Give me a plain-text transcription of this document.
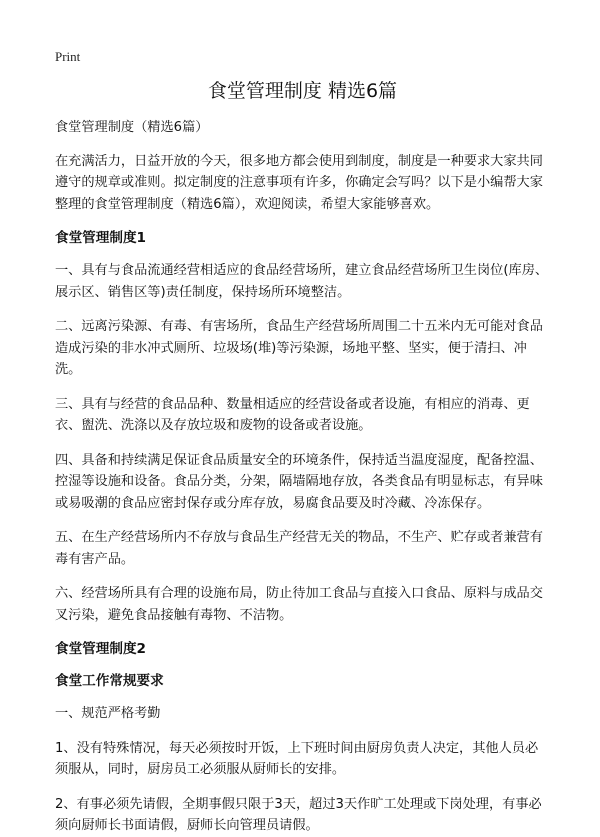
Print
食堂管理制度 精选6篇

食堂管理制度（精选6篇）

在充满活力，日益开放的今天，很多地方都会使用到制度，制度是一种要求大家共同遵守的规章或准则。拟定制度的注意事项有许多，你确定会写吗？以下是小编帮大家整理的食堂管理制度（精选6篇），欢迎阅读，希望大家能够喜欢。

食堂管理制度1

一、具有与食品流通经营相适应的食品经营场所，建立食品经营场所卫生岗位(库房、展示区、销售区等)责任制度，保持场所环境整洁。

二、远离污染源、有毒、有害场所，食品生产经营场所周围二十五米内无可能对食品造成污染的非水冲式厕所、垃圾场(堆)等污染源，场地平整、坚实，便于清扫、冲洗。

三、具有与经营的食品品种、数量相适应的经营设备或者设施，有相应的消毒、更衣、盥洗、洗涤以及存放垃圾和废物的设备或者设施。

四、具备和持续满足保证食品质量安全的环境条件，保持适当温度湿度，配备控温、控湿等设施和设备。食品分类，分架，隔墙隔地存放，各类食品有明显标志，有异味或易吸潮的食品应密封保存或分库存放，易腐食品要及时冷藏、冷冻保存。

五、在生产经营场所内不存放与食品生产经营无关的物品，不生产、贮存或者兼营有毒有害产品。

六、经营场所具有合理的设施布局，防止待加工食品与直接入口食品、原料与成品交叉污染，避免食品接触有毒物、不洁物。

食堂管理制度2
食堂工作常规要求

一、规范严格考勤

1、没有特殊情况，每天必须按时开饭，上下班时间由厨房负责人决定，其他人员必须服从，同时，厨房员工必须服从厨师长的安排。

2、有事必须先请假，全期事假只限于3天，超过3天作旷工处理或下岗处理，有事必须向厨师长书面请假，厨师长向管理员请假。
